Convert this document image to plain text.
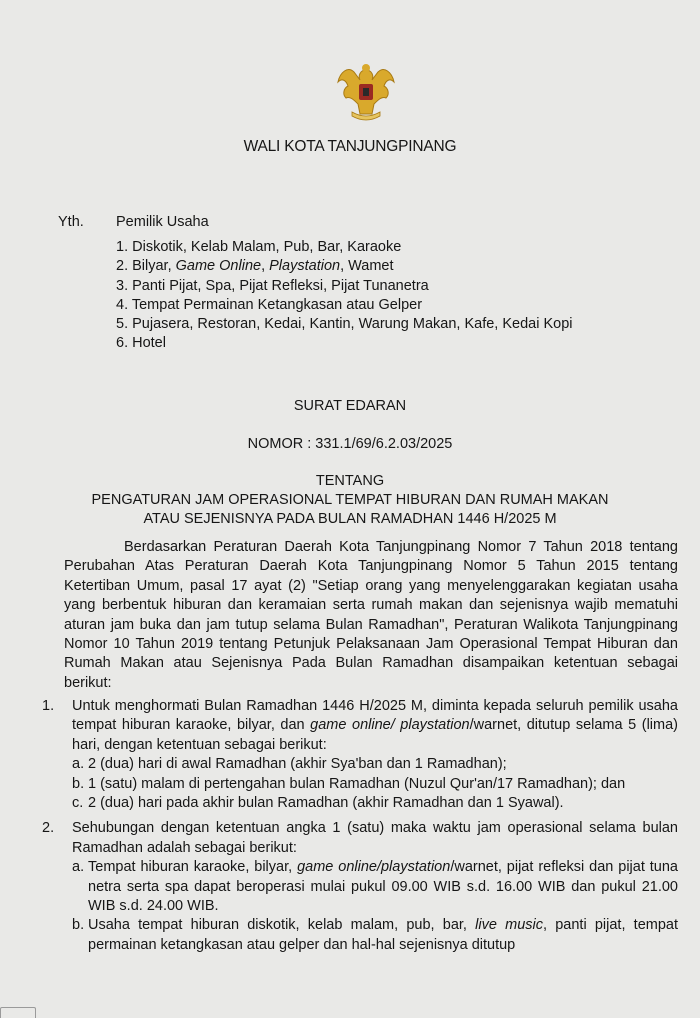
WALI KOTA TANJUNGPINANG
Yth. Pemilik Usaha
1. Diskotik, Kelab Malam, Pub, Bar, Karaoke
2. Bilyar, Game Online, Playstation, Wamet
3. Panti Pijat, Spa, Pijat Refleksi, Pijat Tunanetra
4. Tempat Permainan Ketangkasan atau Gelper
5. Pujasera, Restoran, Kedai, Kantin, Warung Makan, Kafe, Kedai Kopi
6. Hotel
SURAT EDARAN
NOMOR : 331.1/69/6.2.03/2025
TENTANG
PENGATURAN JAM OPERASIONAL TEMPAT HIBURAN DAN RUMAH MAKAN
ATAU SEJENISNYA PADA BULAN RAMADHAN 1446 H/2025 M
Berdasarkan Peraturan Daerah Kota Tanjungpinang Nomor 7 Tahun 2018 tentang Perubahan Atas Peraturan Daerah Kota Tanjungpinang Nomor 5 Tahun 2015 tentang Ketertiban Umum, pasal 17 ayat (2) "Setiap orang yang menyelenggarakan kegiatan usaha yang berbentuk hiburan dan keramaian serta rumah makan dan sejenisnya wajib mematuhi aturan jam buka dan jam tutup selama Bulan Ramadhan", Peraturan Walikota Tanjungpinang Nomor 10 Tahun 2019 tentang Petunjuk Pelaksanaan Jam Operasional Tempat Hiburan dan Rumah Makan atau Sejenisnya Pada Bulan Ramadhan disampaikan ketentuan sebagai berikut:
1.	Untuk menghormati Bulan Ramadhan 1446 H/2025 M, diminta kepada seluruh pemilik usaha tempat hiburan karaoke, bilyar, dan game online/ playstation/warnet, ditutup selama 5 (lima) hari, dengan ketentuan sebagai berikut:
a. 2 (dua) hari di awal Ramadhan (akhir Sya'ban dan 1 Ramadhan);
b. 1 (satu) malam di pertengahan bulan Ramadhan (Nuzul Qur'an/17 Ramadhan); dan
c. 2 (dua) hari pada akhir bulan Ramadhan (akhir Ramadhan dan 1 Syawal).
2.	Sehubungan dengan ketentuan angka 1 (satu) maka waktu jam operasional selama bulan Ramadhan adalah sebagai berikut:
a. Tempat hiburan karaoke, bilyar, game online/playstation/warnet, pijat refleksi dan pijat tuna netra serta spa dapat beroperasi mulai pukul 09.00 WIB s.d. 16.00 WIB dan pukul 21.00 WIB s.d. 24.00 WIB.
b. Usaha tempat hiburan diskotik, kelab malam, pub, bar, live music, panti pijat, tempat permainan ketangkasan atau gelper dan hal-hal sejenisnya ditutup
